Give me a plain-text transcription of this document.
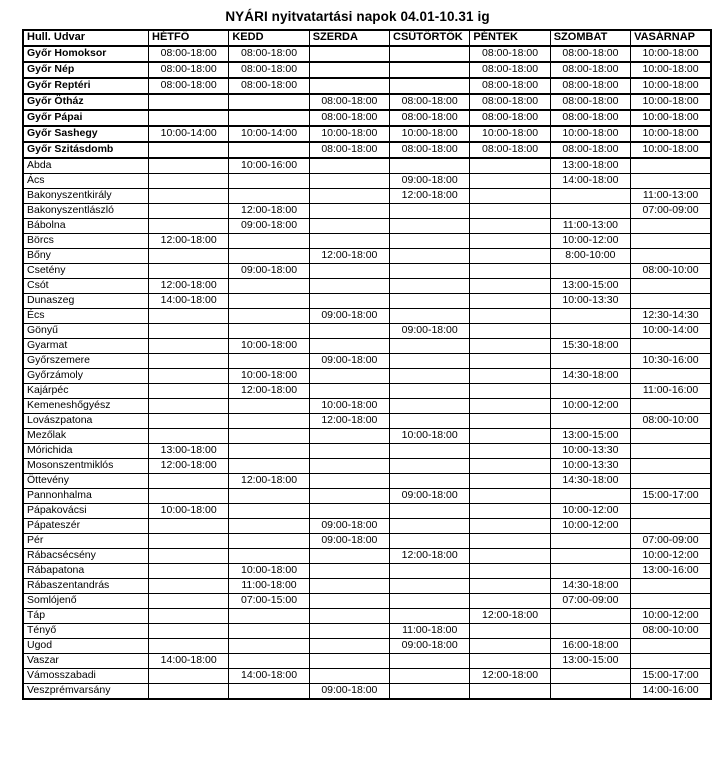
NYÁRI nyitvatartási napok 04.01-10.31 ig
Hull. Udvar	HÉTFŐ	KEDD	SZERDA	CSÜTÖRTÖK	PÉNTEK	SZOMBAT	VASÁRNAP
Győr Homoksor	08:00-18:00	08:00-18:00			08:00-18:00	08:00-18:00	10:00-18:00
Győr Nép	08:00-18:00	08:00-18:00			08:00-18:00	08:00-18:00	10:00-18:00
Győr Reptéri	08:00-18:00	08:00-18:00			08:00-18:00	08:00-18:00	10:00-18:00
Győr Ötház			08:00-18:00	08:00-18:00	08:00-18:00	08:00-18:00	10:00-18:00
Győr Pápai			08:00-18:00	08:00-18:00	08:00-18:00	08:00-18:00	10:00-18:00
Győr Sashegy	10:00-14:00	10:00-14:00	10:00-18:00	10:00-18:00	10:00-18:00	10:00-18:00	10:00-18:00
Győr Szitásdomb			08:00-18:00	08:00-18:00	08:00-18:00	08:00-18:00	10:00-18:00
Abda		10:00-16:00				13:00-18:00	
Ács				09:00-18:00		14:00-18:00	
Bakonyszentkirály				12:00-18:00			11:00-13:00
Bakonyszentlászló		12:00-18:00					07:00-09:00
Bábolna		09:00-18:00				11:00-13:00	
Börcs	12:00-18:00					10:00-12:00	
Bőny			12:00-18:00			8:00-10:00	
Csetény		09:00-18:00					08:00-10:00
Csót	12:00-18:00					13:00-15:00	
Dunaszeg	14:00-18:00					10:00-13:30	
Écs			09:00-18:00				12:30-14:30
Gönyű				09:00-18:00			10:00-14:00
Gyarmat		10:00-18:00				15:30-18:00	
Győrszemere			09:00-18:00				10:30-16:00
Győrzámoly		10:00-18:00				14:30-18:00	
Kajárpéc		12:00-18:00					11:00-16:00
Kemeneshőgyész			10:00-18:00			10:00-12:00	
Lovászpatona			12:00-18:00				08:00-10:00
Mezőlak				10:00-18:00		13:00-15:00	
Mórichida	13:00-18:00					10:00-13:30	
Mosonszentmiklós	12:00-18:00					10:00-13:30	
Öttevény		12:00-18:00				14:30-18:00	
Pannonhalma				09:00-18:00			15:00-17:00
Pápakovácsi	10:00-18:00					10:00-12:00	
Pápateszér			09:00-18:00			10:00-12:00	
Pér			09:00-18:00				07:00-09:00
Rábacsécsény				12:00-18:00			10:00-12:00
Rábapatona		10:00-18:00					13:00-16:00
Rábaszentandrás		11:00-18:00				14:30-18:00	
Somlójenő		07:00-15:00				07:00-09:00	
Táp					12:00-18:00		10:00-12:00
Tényő				11:00-18:00			08:00-10:00
Ugod				09:00-18:00		16:00-18:00	
Vaszar	14:00-18:00					13:00-15:00	
Vámosszabadi		14:00-18:00			12:00-18:00		15:00-17:00
Veszprémvarsány			09:00-18:00				14:00-16:00
